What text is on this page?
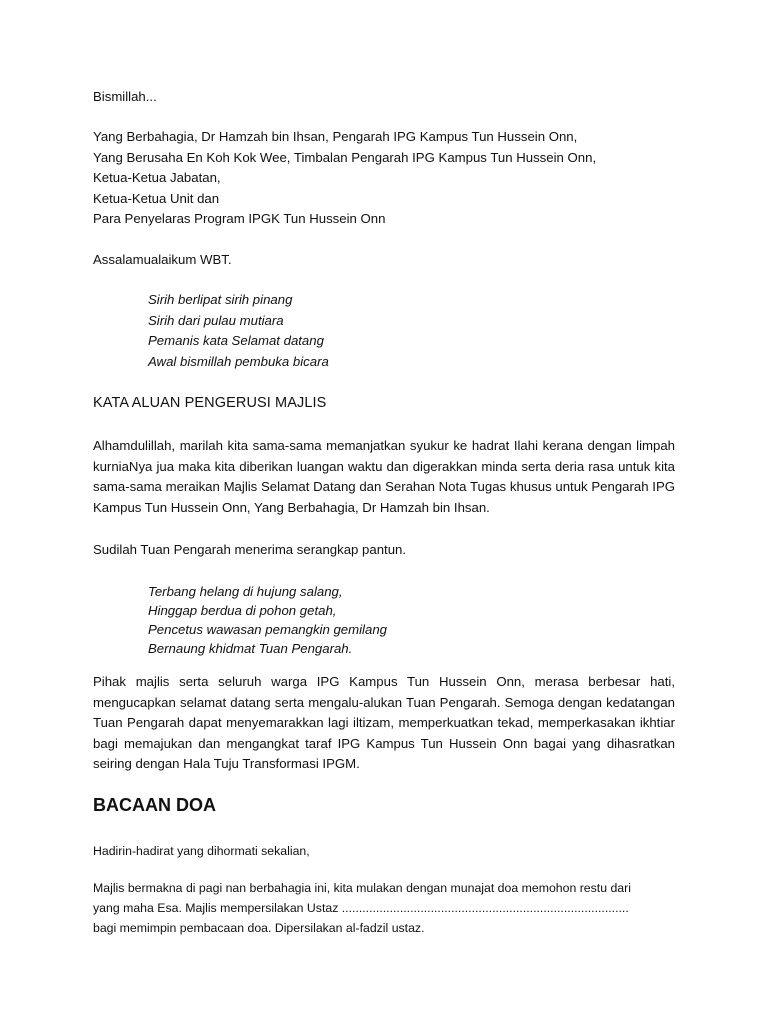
Bismillah...

Yang Berbahagia, Dr Hamzah bin Ihsan, Pengarah IPG Kampus Tun Hussein Onn,

Yang Berusaha En Koh Kok Wee, Timbalan Pengarah IPG Kampus Tun Hussein Onn,

Ketua-Ketua Jabatan,

Ketua-Ketua Unit dan

Para Penyelaras Program IPGK Tun Hussein Onn

Assalamualaikum WBT.

Sirih berlipat sirih pinang

Sirih dari pulau mutiara

Pemanis kata Selamat datang

Awal bismillah pembuka bicara

KATA ALUAN PENGERUSI MAJLIS

Alhamdulillah, marilah kita sama-sama memanjatkan syukur ke hadrat Ilahi kerana dengan limpah kurniaNya jua maka kita diberikan luangan waktu dan digerakkan minda serta deria rasa untuk kita sama-sama meraikan Majlis Selamat Datang dan Serahan Nota Tugas khusus untuk Pengarah IPG Kampus Tun Hussein Onn, Yang Berbahagia, Dr Hamzah bin Ihsan.

Sudilah Tuan Pengarah menerima serangkap pantun.

Terbang helang di hujung salang,

Hinggap berdua di pohon getah,

Pencetus wawasan pemangkin gemilang

Bernaung khidmat Tuan Pengarah.

Pihak majlis serta seluruh warga IPG Kampus Tun Hussein Onn, merasa berbesar hati, mengucapkan selamat datang serta mengalu-alukan Tuan Pengarah. Semoga dengan kedatangan Tuan Pengarah dapat menyemarakkan lagi iltizam, memperkuatkan tekad, memperkasakan ikhtiar bagi memajukan dan mengangkat taraf IPG Kampus Tun Hussein Onn bagai yang dihasratkan seiring dengan Hala Tuju Transformasi IPGM.

BACAAN DOA

Hadirin-hadirat yang dihormati sekalian,

Majlis bermakna di pagi nan berbahagia ini, kita mulakan dengan munajat doa memohon restu dari

yang maha Esa. Majlis mempersilakan Ustaz ....................................................................................

bagi memimpin pembacaan doa. Dipersilakan al-fadzil ustaz.
